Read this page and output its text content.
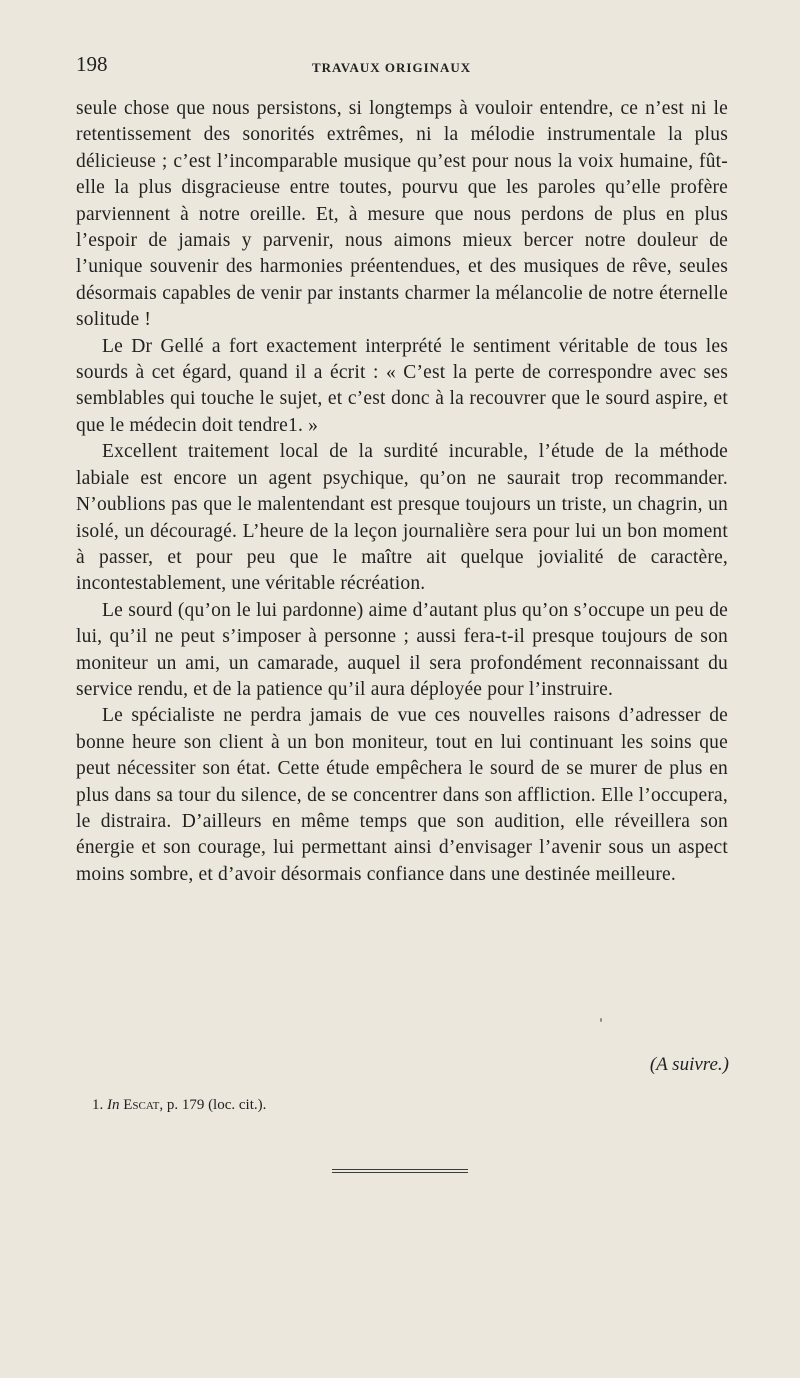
198	TRAVAUX ORIGINAUX

seule chose que nous persistons, si longtemps à vouloir entendre, ce n’est ni le retentissement des sonorités extrêmes, ni la mélodie instrumentale la plus délicieuse ; c’est l’incomparable musique qu’est pour nous la voix humaine, fût-elle la plus disgracieuse entre toutes, pourvu que les paroles qu’elle profère parviennent à notre oreille. Et, à mesure que nous perdons de plus en plus l’espoir de jamais y parvenir, nous aimons mieux bercer notre douleur de l’unique souvenir des harmonies préentendues, et des musiques de rêve, seules désormais capables de venir par instants charmer la mélancolie de notre éternelle solitude !

Le Dr Gellé a fort exactement interprété le sentiment véritable de tous les sourds à cet égard, quand il a écrit : « C’est la perte de correspondre avec ses semblables qui touche le sujet, et c’est donc à la recouvrer que le sourd aspire, et que le médecin doit tendre1. »

Excellent traitement local de la surdité incurable, l’étude de la méthode labiale est encore un agent psychique, qu’on ne saurait trop recommander. N’oublions pas que le malentendant est presque toujours un triste, un chagrin, un isolé, un découragé. L’heure de la leçon journalière sera pour lui un bon moment à passer, et pour peu que le maître ait quelque jovialité de caractère, incontestablement, une véritable récréation.

Le sourd (qu’on le lui pardonne) aime d’autant plus qu’on s’occupe un peu de lui, qu’il ne peut s’imposer à personne ; aussi fera-t-il presque toujours de son moniteur un ami, un camarade, auquel il sera profondément reconnaissant du service rendu, et de la patience qu’il aura déployée pour l’instruire.

Le spécialiste ne perdra jamais de vue ces nouvelles raisons d’adresser de bonne heure son client à un bon moniteur, tout en lui continuant les soins que peut nécessiter son état. Cette étude empêchera le sourd de se murer de plus en plus dans sa tour du silence, de se concentrer dans son affliction. Elle l’occupera, le distraira. D’ailleurs en même temps que son audition, elle réveillera son énergie et son courage, lui permettant ainsi d’envisager l’avenir sous un aspect moins sombre, et d’avoir désormais confiance dans une destinée meilleure.

(A suivre.)
1. In Escat, p. 179 (loc. cit.).
